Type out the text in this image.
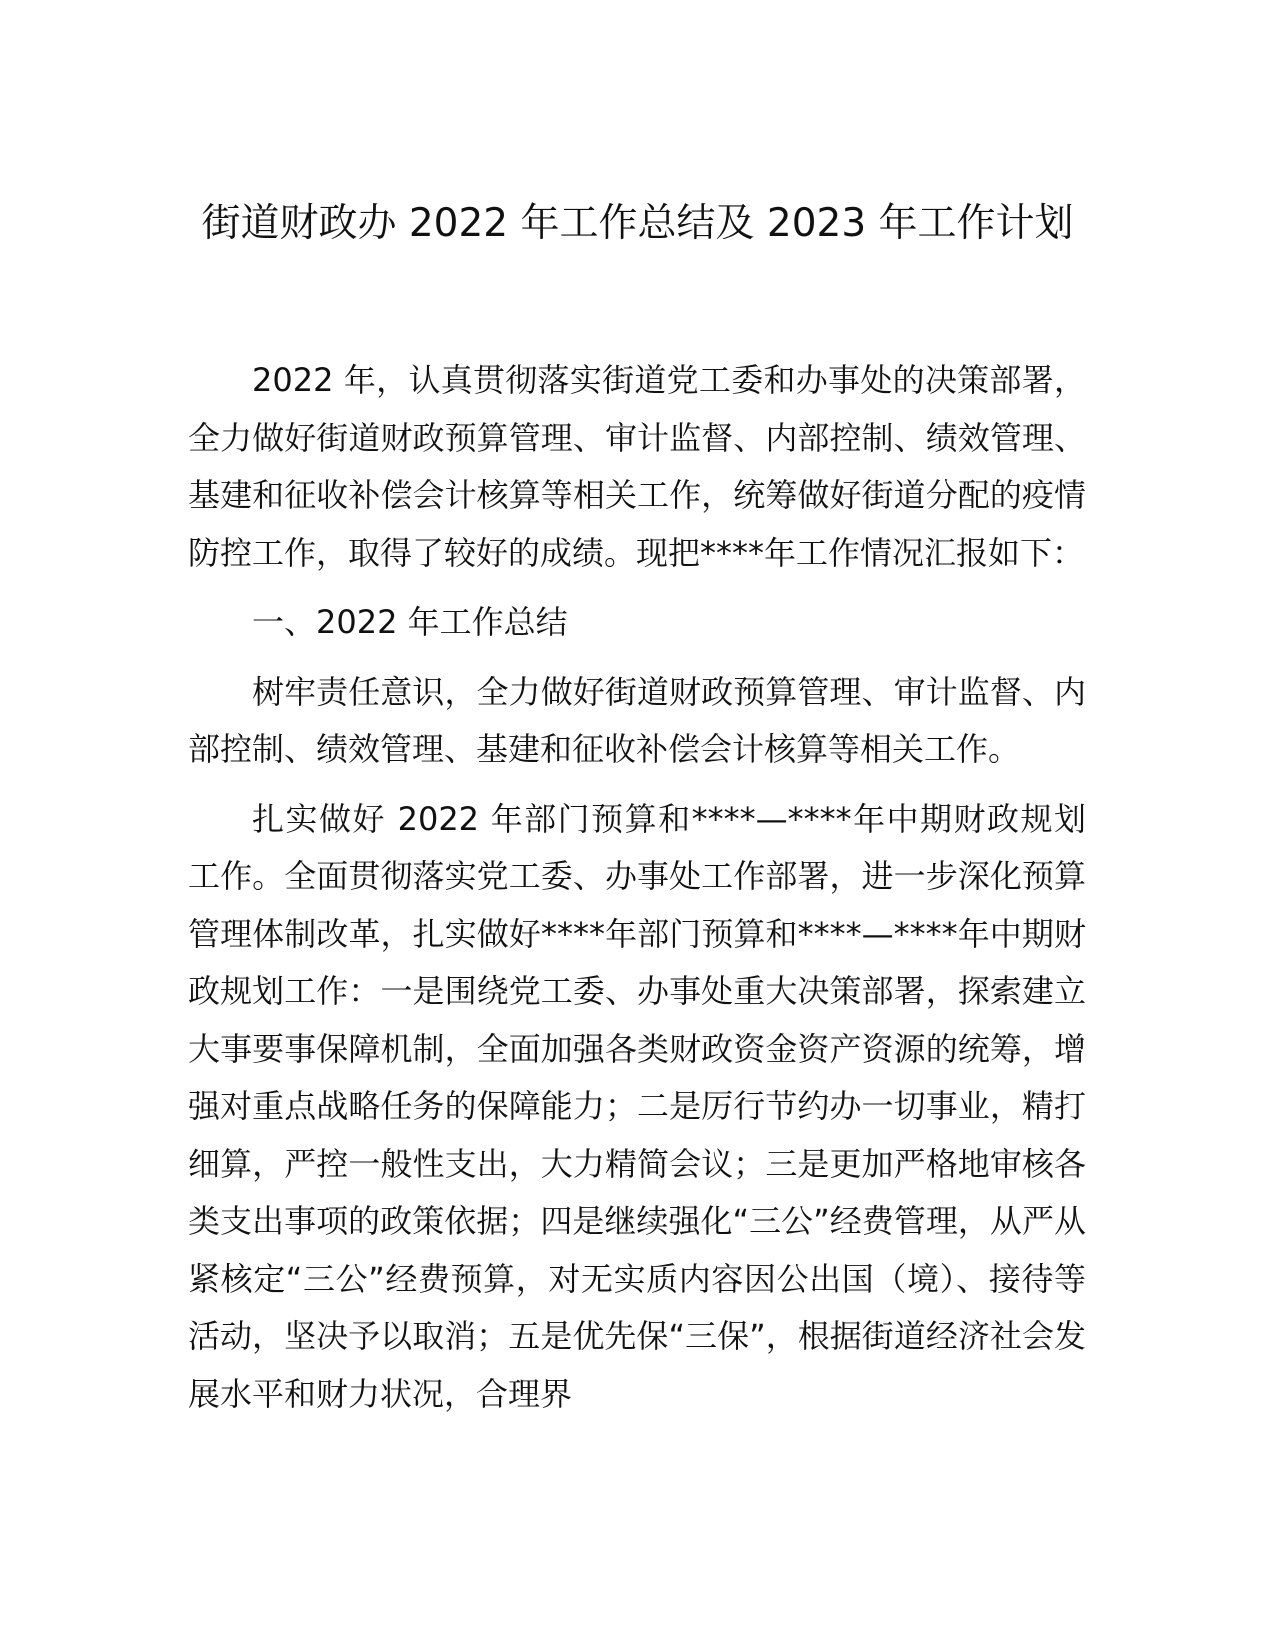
街道财政办 2022 年工作总结及 2023 年工作计划

2022 年，认真贯彻落实街道党工委和办事处的决策部署，全力做好街道财政预算管理、审计监督、内部控制、绩效管理、基建和征收补偿会计核算等相关工作，统筹做好街道分配的疫情防控工作，取得了较好的成绩。现把****年工作情况汇报如下：

一、2022 年工作总结

树牢责任意识，全力做好街道财政预算管理、审计监督、内部控制、绩效管理、基建和征收补偿会计核算等相关工作。

扎实做好 2022 年部门预算和****—****年中期财政规划工作。全面贯彻落实党工委、办事处工作部署，进一步深化预算管理体制改革，扎实做好****年部门预算和****—****年中期财政规划工作：一是围绕党工委、办事处重大决策部署，探索建立大事要事保障机制，全面加强各类财政资金资产资源的统筹，增强对重点战略任务的保障能力；二是厉行节约办一切事业，精打细算，严控一般性支出，大力精简会议；三是更加严格地审核各类支出事项的政策依据；四是继续强化“三公”经费管理，从严从紧核定“三公”经费预算，对无实质内容因公出国（境）、接待等活动，坚决予以取消；五是优先保“三保”，根据街道经济社会发展水平和财力状况，合理界
